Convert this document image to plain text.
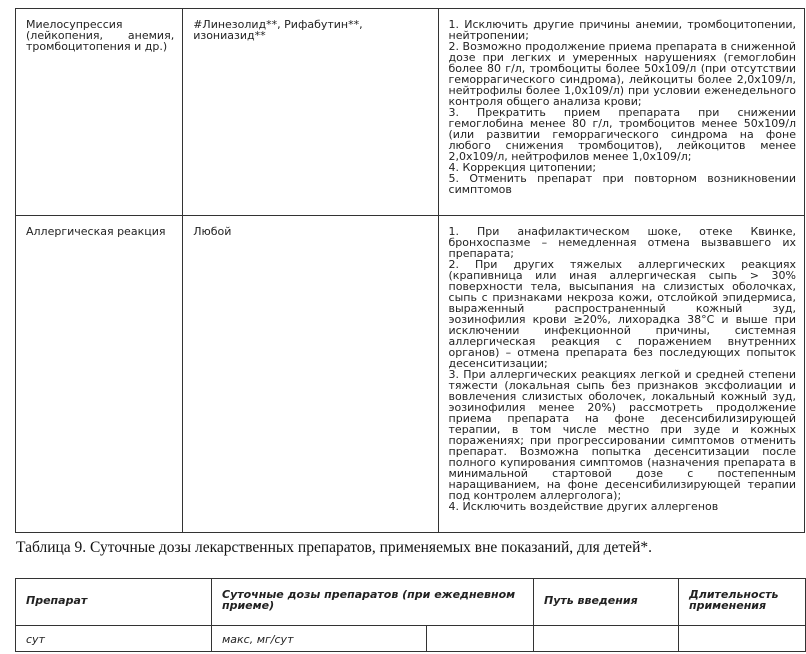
Миелосупрессия (лейкопения, анемия, тромбоцитопения и др.)	#Линезолид**, Рифабутин**, изониазид**	1. Исключить другие причины анемии, тромбоцитопении, нейтропении;

2. Возможно продолжение приема препарата в сниженной дозе при легких и умеренных нарушениях (гемоглобин более 80 г/л, тромбоциты более 50х109/л (при отсутствии геморрагического синдрома), лейкоциты более 2,0х109/л, нейтрофилы более 1,0х109/л) при условии еженедельного контроля общего анализа крови;

3. Прекратить прием препарата при снижении гемоглобина менее 80 г/л, тромбоцитов менее 50х109/л (или развитии геморрагического синдрома на фоне любого снижения тромбоцитов), лейкоцитов менее 2,0х109/л, нейтрофилов менее 1,0х109/л;

4. Коррекция цитопении;

5. Отменить препарат при повторном возникновении симптомов

Аллергическая реакция	Любой	1. При анафилактическом шоке, отеке Квинке, бронхоспазме – немедленная отмена вызвавшего их препарата;

2. При других тяжелых аллергических реакциях (крапивница или иная аллергическая сыпь > 30% поверхности тела, высыпания на слизистых оболочках, сыпь с признаками некроза кожи, отслойкой эпидермиса, выраженный распространенный кожный зуд, эозинофилия крови ≥20%, лихорадка 38°С и выше при исключении инфекционной причины, системная аллергическая реакция с поражением внутренних органов) – отмена препарата без последующих попыток десенситизации;

3. При аллергических реакциях легкой и средней степени тяжести (локальная сыпь без признаков эксфолиации и вовлечения слизистых оболочек, локальный кожный зуд, эозинофилия менее 20%) рассмотреть продолжение приема препарата на фоне десенсибилизирующей терапии, в том числе местно при зуде и кожных поражениях; при прогрессировании симптомов отменить препарат. Возможна попытка десенситизации после полного купирования симптомов (назначения препарата в минимальной стартовой дозе с постепенным наращиванием, на фоне десенсибилизирующей терапии под контролем аллерголога);

4. Исключить воздействие других аллергенов

Таблица 9. Суточные дозы лекарственных препаратов, применяемых вне показаний, для детей*.
Препарат	Суточные дозы препаратов (при ежедневном приеме)		Путь введения	Длительность применения
сут	макс, мг/сут			
